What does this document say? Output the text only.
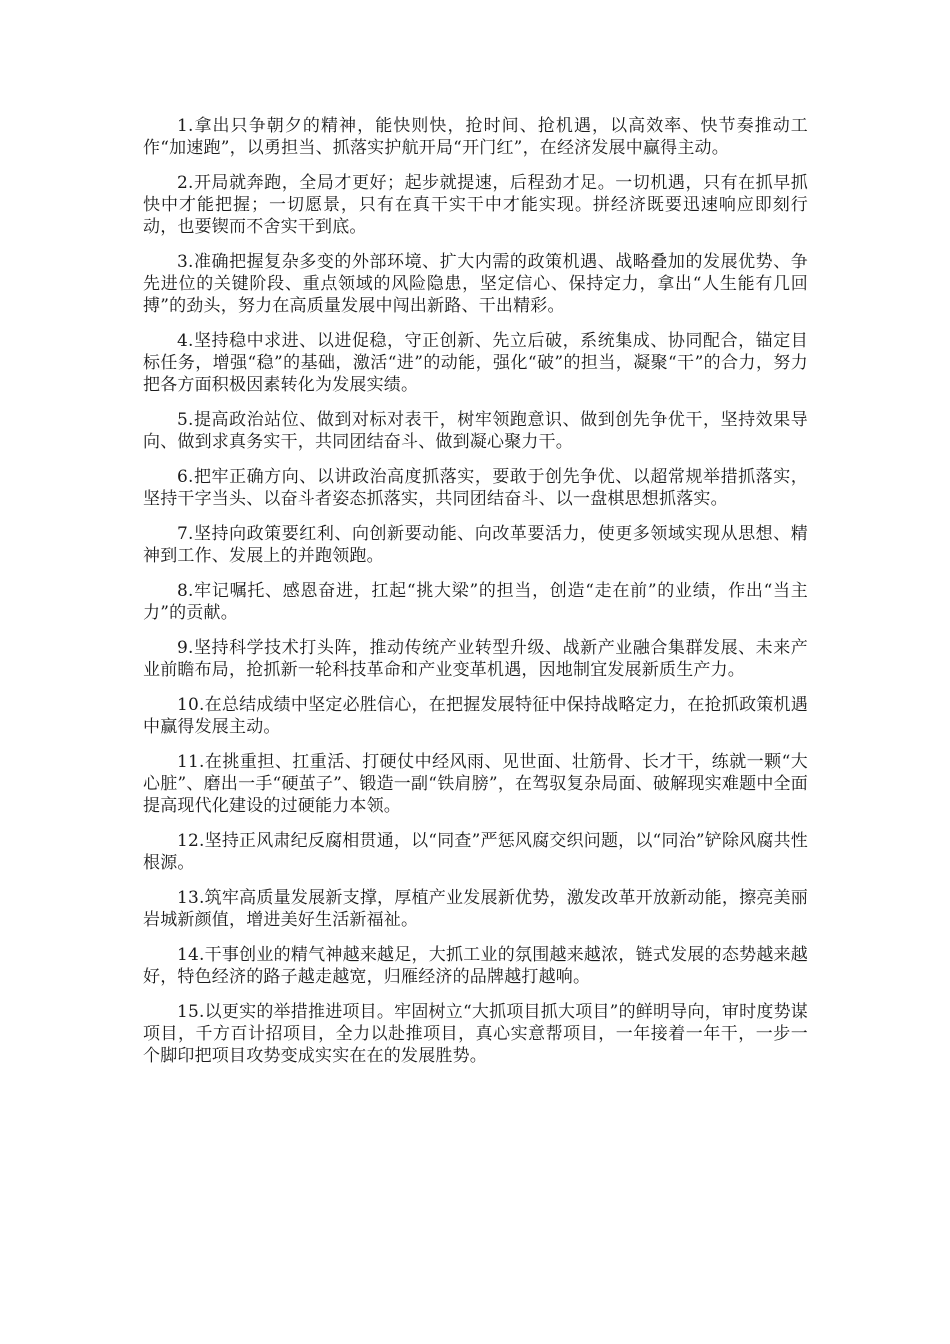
1.拿出只争朝夕的精神，能快则快，抢时间、抢机遇，以高效率、快节奏推动工作“加速跑”，以勇担当、抓落实护航开局“开门红”，在经济发展中赢得主动。

2.开局就奔跑，全局才更好；起步就提速，后程劲才足。一切机遇，只有在抓早抓快中才能把握；一切愿景，只有在真干实干中才能实现。拼经济既要迅速响应即刻行动，也要锲而不舍实干到底。

3.准确把握复杂多变的外部环境、扩大内需的政策机遇、战略叠加的发展优势、争先进位的关键阶段、重点领域的风险隐患，坚定信心、保持定力，拿出“人生能有几回搏”的劲头，努力在高质量发展中闯出新路、干出精彩。

4.坚持稳中求进、以进促稳，守正创新、先立后破，系统集成、协同配合，锚定目标任务，增强“稳”的基础，激活“进”的动能，强化“破”的担当，凝聚“干”的合力，努力把各方面积极因素转化为发展实绩。

5.提高政治站位、做到对标对表干，树牢领跑意识、做到创先争优干，坚持效果导向、做到求真务实干，共同团结奋斗、做到凝心聚力干。

6.把牢正确方向、以讲政治高度抓落实，要敢于创先争优、以超常规举措抓落实，坚持干字当头、以奋斗者姿态抓落实，共同团结奋斗、以一盘棋思想抓落实。

7.坚持向政策要红利、向创新要动能、向改革要活力，使更多领域实现从思想、精神到工作、发展上的并跑领跑。

8.牢记嘱托、感恩奋进，扛起“挑大梁”的担当，创造“走在前”的业绩，作出“当主力”的贡献。

9.坚持科学技术打头阵，推动传统产业转型升级、战新产业融合集群发展、未来产业前瞻布局，抢抓新一轮科技革命和产业变革机遇，因地制宜发展新质生产力。

10.在总结成绩中坚定必胜信心，在把握发展特征中保持战略定力，在抢抓政策机遇中赢得发展主动。

11.在挑重担、扛重活、打硬仗中经风雨、见世面、壮筋骨、长才干，练就一颗“大心脏”、磨出一手“硬茧子”、锻造一副“铁肩膀”，在驾驭复杂局面、破解现实难题中全面提高现代化建设的过硬能力本领。

12.坚持正风肃纪反腐相贯通，以“同查”严惩风腐交织问题，以“同治”铲除风腐共性根源。

13.筑牢高质量发展新支撑，厚植产业发展新优势，激发改革开放新动能，擦亮美丽岩城新颜值，增进美好生活新福祉。

14.干事创业的精气神越来越足，大抓工业的氛围越来越浓，链式发展的态势越来越好，特色经济的路子越走越宽，归雁经济的品牌越打越响。

15.以更实的举措推进项目。牢固树立“大抓项目抓大项目”的鲜明导向，审时度势谋项目，千方百计招项目，全力以赴推项目，真心实意帮项目，一年接着一年干，一步一个脚印把项目攻势变成实实在在的发展胜势。
